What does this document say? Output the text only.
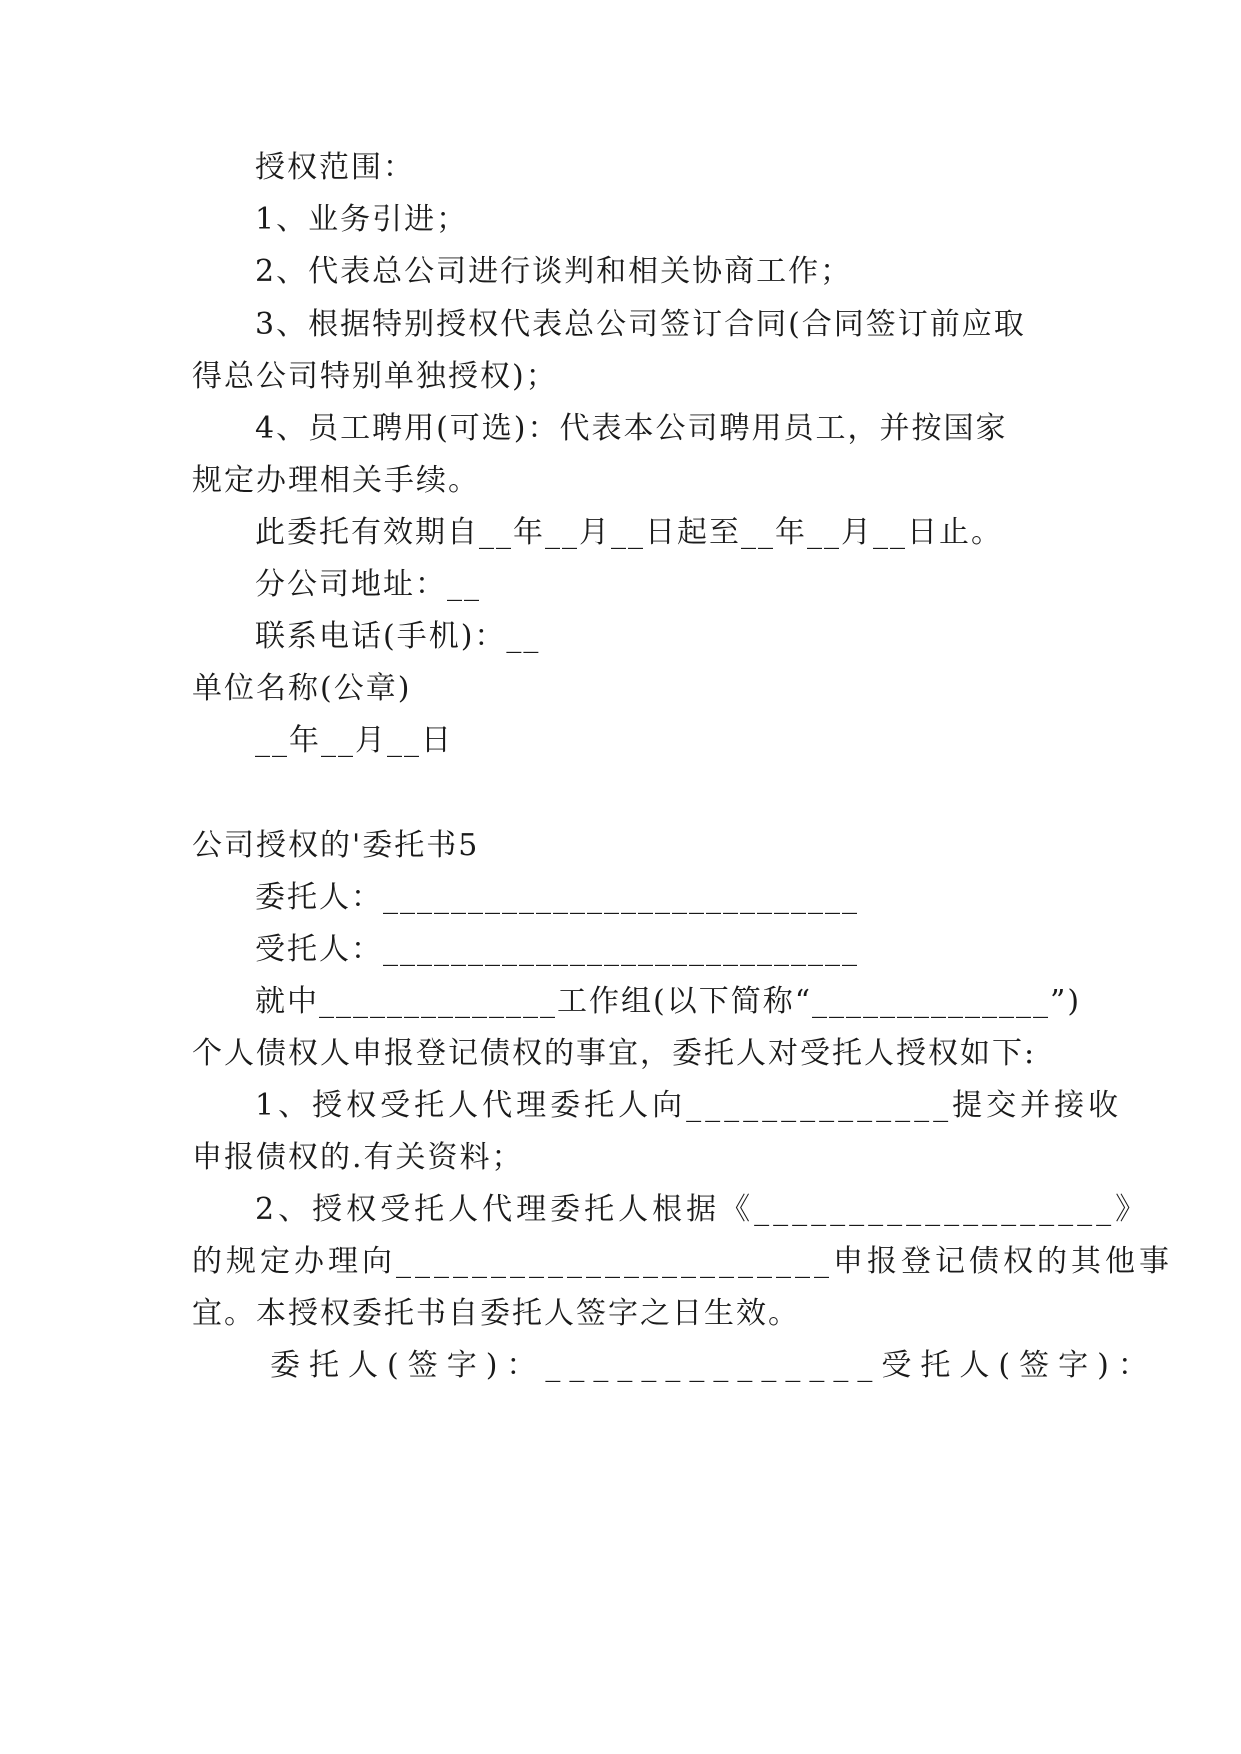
授权范围：
1、业务引进；
2、代表总公司进行谈判和相关协商工作；
3、根据特别授权代表总公司签订合同(合同签订前应取
得总公司特别单独授权)；
4、员工聘用(可选)：代表本公司聘用员工，并按国家
规定办理相关手续。
此委托有效期自__年__月__日起至__年__月__日止。
分公司地址：__
联系电话(手机)：__
单位名称(公章)
__年__月__日
公司授权的'委托书5
委托人：____________________________
受托人：____________________________
就中______________工作组(以下简称“______________”)
个人债权人申报登记债权的事宜，委托人对受托人授权如下:
1、授权受托人代理委托人向______________提交并接收
申报债权的.有关资料；
2、授权受托人代理委托人根据《___________________》
的规定办理向_______________________申报登记债权的其他事
宜。本授权委托书自委托人签字之日生效。
委托人(签字)：______________受托人(签字)：
